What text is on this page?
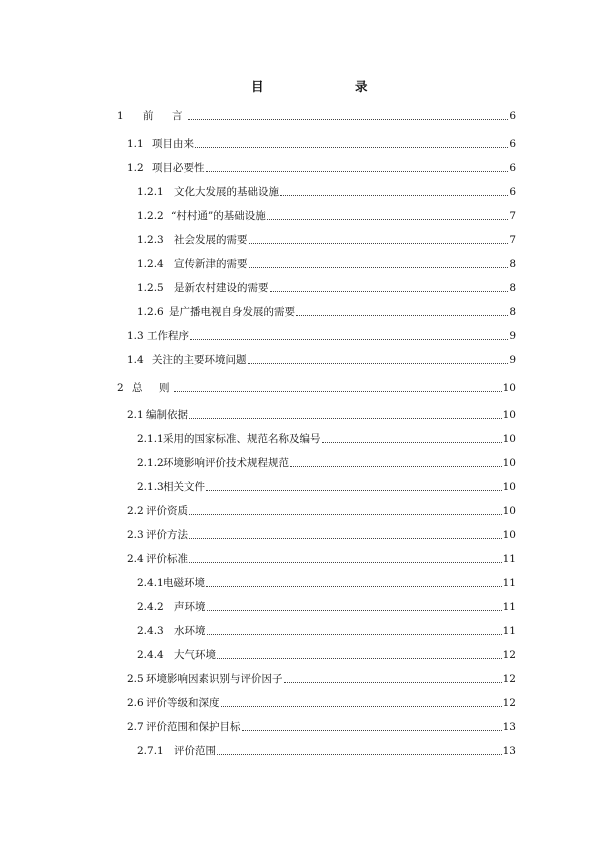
目	录
1 前　言	6
1.1 项目由来	6
1.2 项目必要性	6
1.2.1 文化大发展的基础设施	6
1.2.2 “村村通”的基础设施	7
1.2.3 社会发展的需要	7
1.2.4 宣传新津的需要	8
1.2.5 是新农村建设的需要	8
1.2.6 是广播电视自身发展的需要	8
1.3 工作程序	9
1.4 关注的主要环境问题	9
2 总　则	10
2.1 编制依据	10
2.1.1采用的国家标准、规范名称及编号	10
2.1.2环境影响评价技术规程规范	10
2.1.3相关文件	10
2.2 评价资质	10
2.3 评价方法	10
2.4 评价标准	11
2.4.1电磁环境	11
2.4.2 声环境	11
2.4.3 水环境	11
2.4.4 大气环境	12
2.5 环境影响因素识别与评价因子	12
2.6 评价等级和深度	12
2.7 评价范围和保护目标	13
2.7.1 评价范围	13
